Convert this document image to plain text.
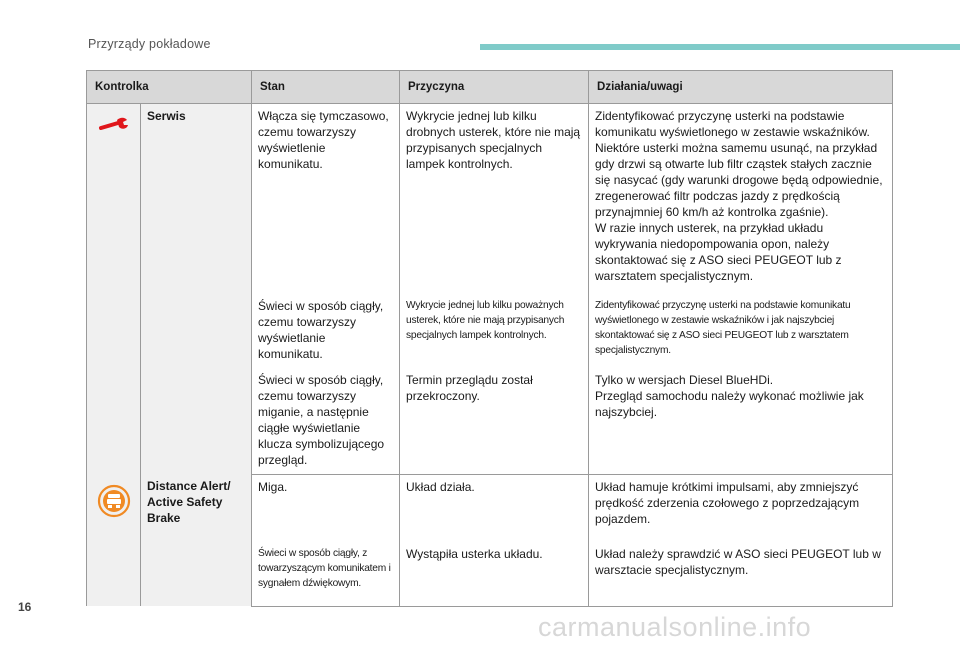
Przyrządy pokładowe
Kontrolka		Stan	Przyczyna	Działania/uwagi
	Serwis	Włącza się tymczasowo, czemu towarzyszy wyświetlenie komunikatu.	Wykrycie jednej lub kilku drobnych usterek, które nie mają przypisanych specjalnych lampek kontrolnych.	Zidentyfikować przyczynę usterki na podstawie komunikatu wyświetlonego w zestawie wskaźników.
Niektóre usterki można samemu usunąć, na przykład gdy drzwi są otwarte lub filtr cząstek stałych zacznie się nasycać (gdy warunki drogowe będą odpowiednie, zregenerować filtr podczas jazdy z prędkością przynajmniej 60 km/h aż kontrolka zgaśnie).
W razie innych usterek, na przykład układu wykrywania niedopompowania opon, należy skontaktować się z ASO sieci PEUGEOT lub z warsztatem specjalistycznym.
		Świeci w sposób ciągły, czemu towarzyszy wyświetlanie komunikatu.	Wykrycie jednej lub kilku poważnych usterek, które nie mają przypisanych specjalnych lampek kontrolnych.	Zidentyfikować przyczynę usterki na podstawie komunikatu wyświetlonego w zestawie wskaźników i jak najszybciej skontaktować się z ASO sieci PEUGEOT lub z warsztatem specjalistycznym.
		Świeci w sposób ciągły, czemu towarzyszy miganie, a następnie ciągłe wyświetlanie klucza symbolizującego przegląd.	Termin przeglądu został przekroczony.	Tylko w wersjach Diesel BlueHDi.
Przegląd samochodu należy wykonać możliwie jak najszybciej.
	Distance Alert/ Active Safety Brake	Miga.	Układ działa.	Układ hamuje krótkimi impulsami, aby zmniejszyć prędkość zderzenia czołowego z poprzedzającym pojazdem.
		Świeci w sposób ciągły, z towarzyszącym komunikatem i sygnałem dźwiękowym.	Wystąpiła usterka układu.	Układ należy sprawdzić w ASO sieci PEUGEOT lub w warsztacie specjalistycznym.
16
carmanualsonline.info
